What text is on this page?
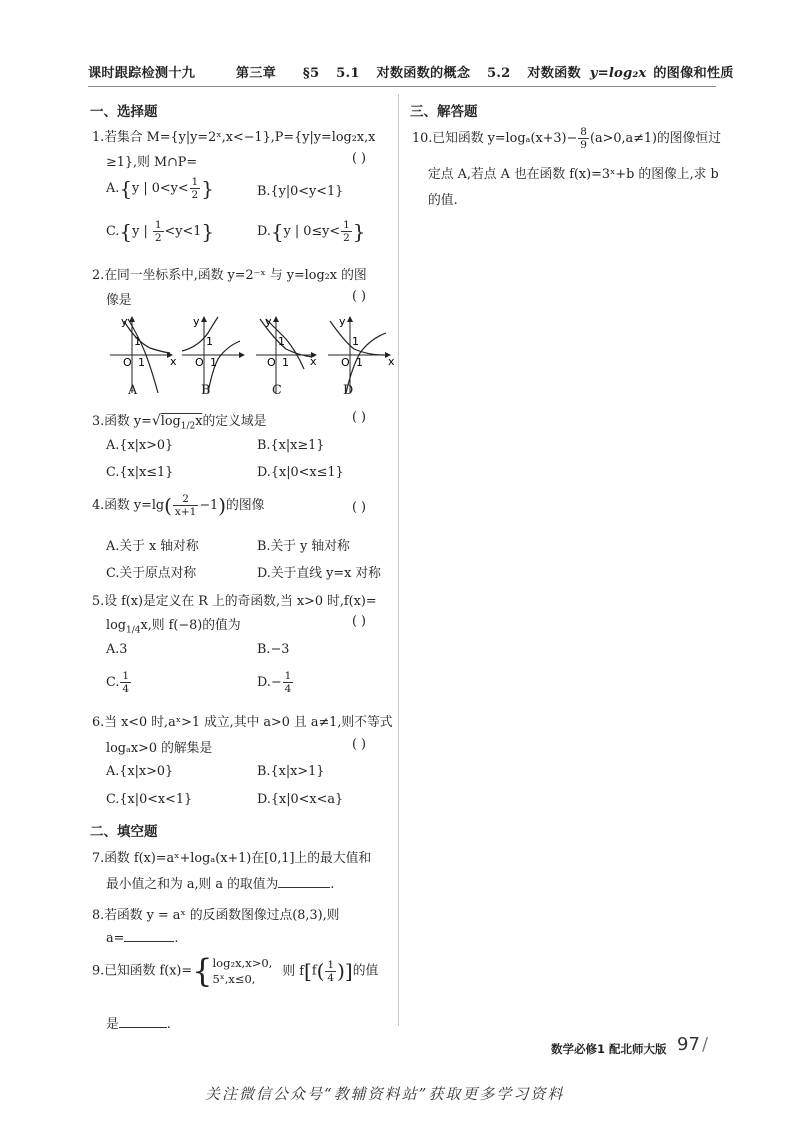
课时跟踪检测十九	第三章 §5 5.1 对数函数的概念 5.2 对数函数 y=log₂x 的图像和性质
一、选择题
1.若集合 M={y|y=2ˣ,x<−1},P={y|y=log₂x,x
≥1},则 M∩P=	( )
A.{y | $0<y< \frac{1}{2}$ }	B.{y|0<y<1}
C.{y | $\frac{1}{2} <y<1$}	D.{y | $0\le y< \frac{1}{2}$ }
2.在同一坐标系中,函数 y=2⁻ˣ 与 y=log₂x 的图
像是	( )
y
O 1
1
x
y
O 1
1
y
O 1
1
x
y
O 1
1
x
A	B	C	D
3.函数 $y=√\log_{1/2}x$的定义域是	( )
A.{x|x>0}	B.{x|x≥1}
C.{x|x≤1}	D.{x|0<x≤1}
4.函数 $y=\lg( \frac{2}{x+1} -1)$的图像	( )
A.关于 x 轴对称	B.关于 y 轴对称
C.关于原点对称	D.关于直线 y=x 对称
5.设 f(x)是定义在 R 上的奇函数,当 x>0 时,f(x)=
$\log_{1/4}x$,则 f(−8)的值为	( )
A.3	B.−3
C. $\frac{1}{4}$	$D.- \frac{1}{4}$
6.当 x<0 时,aˣ>1 成立,其中 a>0 且 a≠1,则不等式
logₐx>0 的解集是	( )
A.{x|x>0}	B.{x|x>1}
C.{x|0<x<1}	D.{x|0<x<a}
二、填空题
7.函数 f(x)=aˣ+logₐ(x+1)在[0,1]上的最大值和
最小值之和为 a,则 a 的取值为	.
8.若函数 y = aˣ 的反函数图像过点(8,3),则
a=	.
9.已知函数 f(x)={log₂x,x>0,
5ˣ,x≤0, 则 $f[f( \frac{1}{4}$ )]的值
是	.
三、解答题
10.已知函数 $y=\log_a(x+3)- \frac{8}{9} (a>0,a\ne 1)$的图像恒过
定点 A,若点 A 也在函数 f(x)=3ˣ+b 的图像上,求 b
的值.
数学必修1 配北师大版 97 /
关注微信公众号“教辅资料站”获取更多学习资料
